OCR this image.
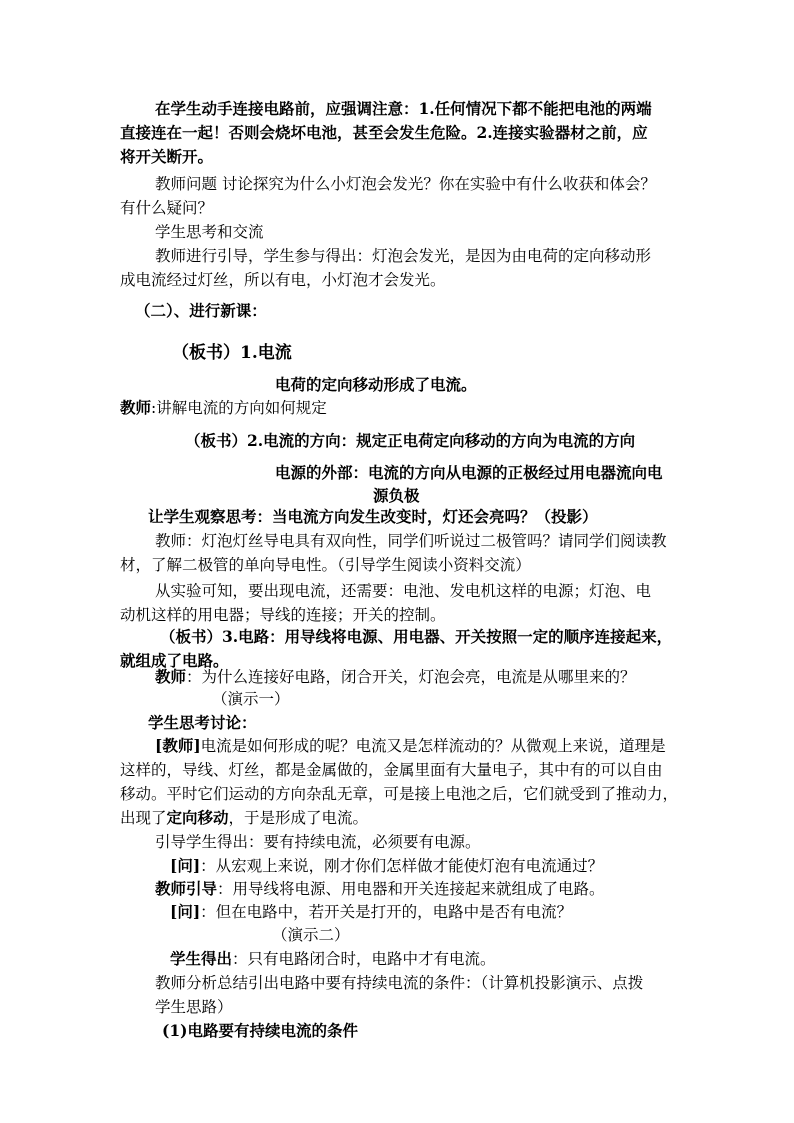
在学生动手连接电路前，应强调注意：1.任何情况下都不能把电池的两端
直接连在一起！否则会烧坏电池，甚至会发生危险。2.连接实验器材之前，应
将开关断开。
教师问题 讨论探究为什么小灯泡会发光？你在实验中有什么收获和体会？
有什么疑问？
学生思考和交流
教师进行引导，学生参与得出：灯泡会发光，是因为由电荷的定向移动形
成电流经过灯丝，所以有电，小灯泡才会发光。
（二）、进行新课：
（板书）1.电流
电荷的定向移动形成了电流。
教师:讲解电流的方向如何规定
（板书）2.电流的方向：规定正电荷定向移动的方向为电流的方向
电源的外部：电流的方向从电源的正极经过用电器流向电
源负极
让学生观察思考：当电流方向发生改变时，灯还会亮吗？（投影）
教师：灯泡灯丝导电具有双向性，同学们听说过二极管吗？请同学们阅读教
材，了解二极管的单向导电性。（引导学生阅读小资料交流）
从实验可知，要出现电流，还需要：电池、发电机这样的电源；灯泡、电
动机这样的用电器；导线的连接；开关的控制。
（板书）3.电路：用导线将电源、用电器、开关按照一定的顺序连接起来，
就组成了电路。
教师：为什么连接好电路，闭合开关，灯泡会亮，电流是从哪里来的？
（演示一）
学生思考讨论：
[教师]电流是如何形成的呢？电流又是怎样流动的？从微观上来说，道理是
这样的，导线、灯丝，都是金属做的，金属里面有大量电子，其中有的可以自由
移动。平时它们运动的方向杂乱无章，可是接上电池之后，它们就受到了推动力，
出现了定向移动，于是形成了电流。
引导学生得出：要有持续电流，必须要有电源。
[问]：从宏观上来说，刚才你们怎样做才能使灯泡有电流通过？
教师引导：用导线将电源、用电器和开关连接起来就组成了电路。
[问]：但在电路中，若开关是打开的，电路中是否有电流？
（演示二）
学生得出：只有电路闭合时，电路中才有电流。
教师分析总结引出电路中要有持续电流的条件：（计算机投影演示、点拨
学生思路）
(1)电路要有持续电流的条件
